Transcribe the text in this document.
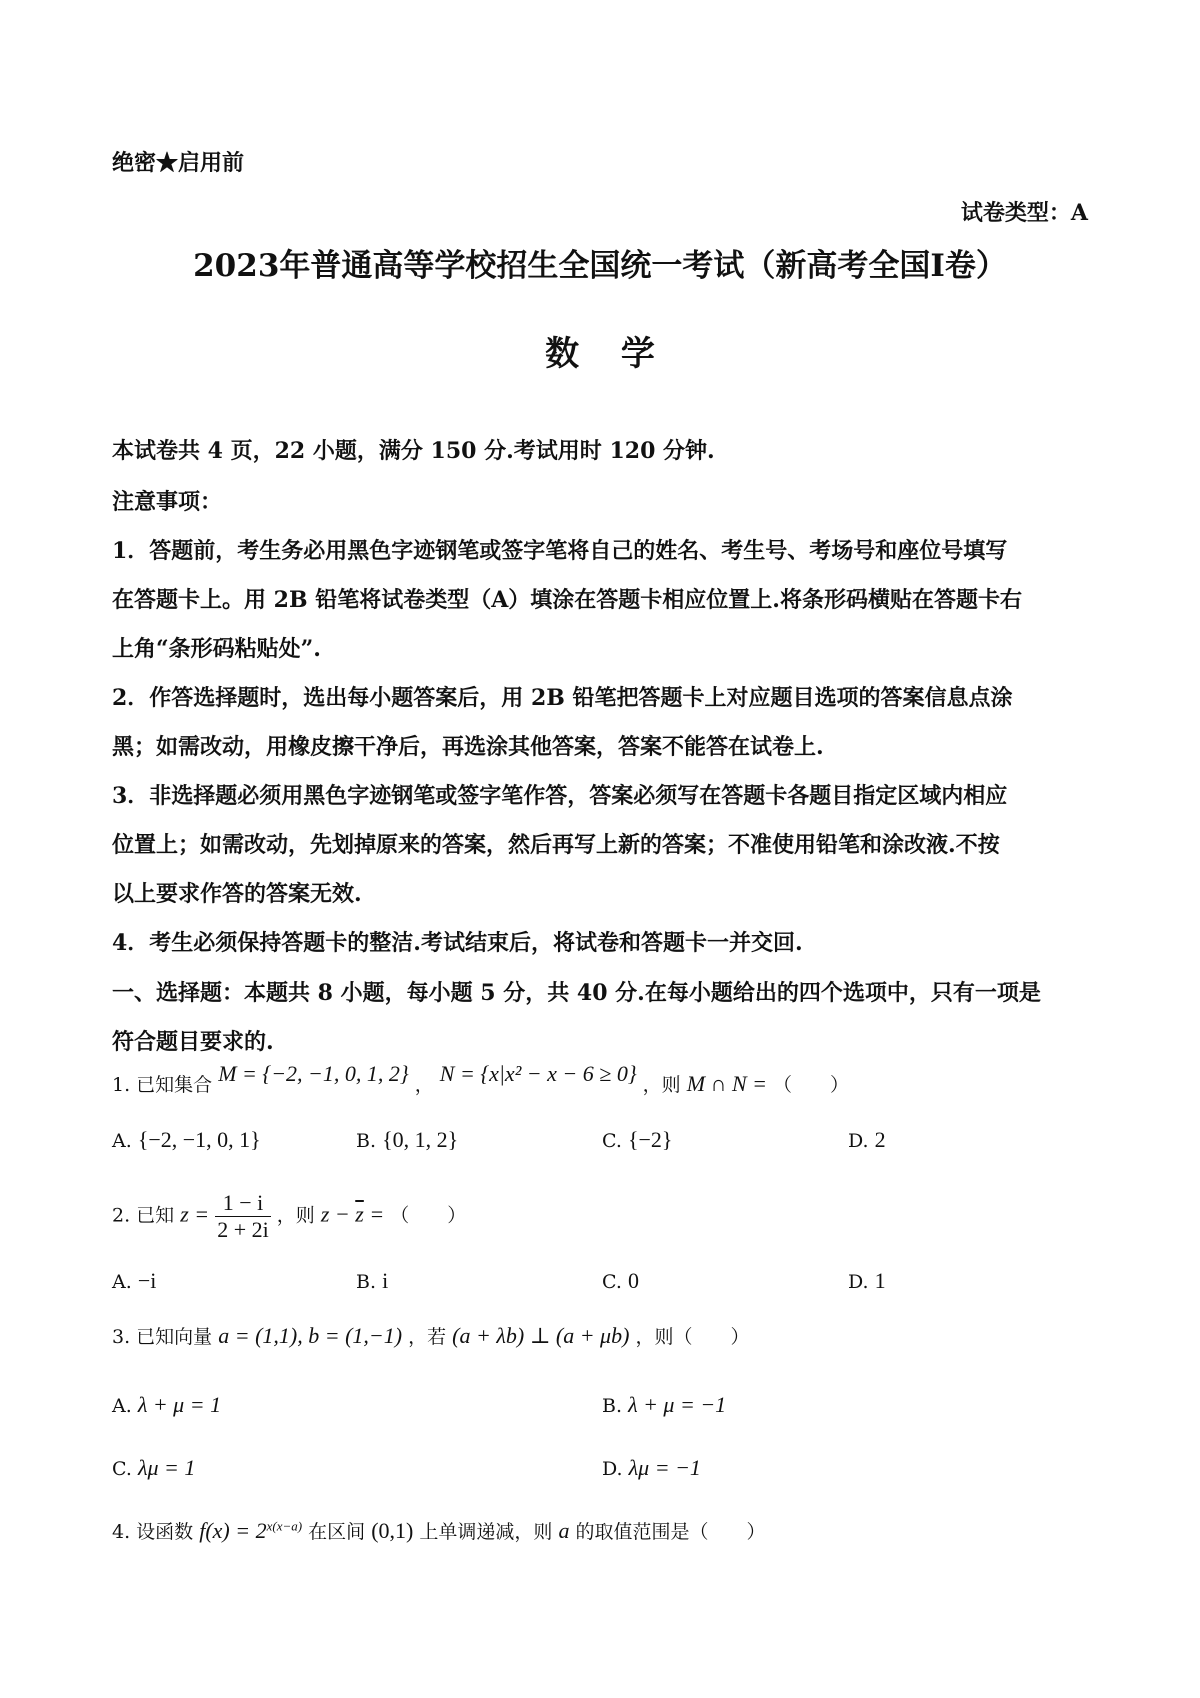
绝密★启用前
试卷类型：A
2023年普通高等学校招生全国统一考试（新高考全国I卷）
数 学
本试卷共 4 页，22 小题，满分 150 分.考试用时 120 分钟.
注意事项：
1．答题前，考生务必用黑色字迹钢笔或签字笔将自己的姓名、考生号、考场号和座位号填写
在答题卡上。用 2B 铅笔将试卷类型（A）填涂在答题卡相应位置上.将条形码横贴在答题卡右
上角“条形码粘贴处”.
2．作答选择题时，选出每小题答案后，用 2B 铅笔把答题卡上对应题目选项的答案信息点涂
黑；如需改动，用橡皮擦干净后，再选涂其他答案，答案不能答在试卷上.
3．非选择题必须用黑色字迹钢笔或签字笔作答，答案必须写在答题卡各题目指定区域内相应
位置上；如需改动，先划掉原来的答案，然后再写上新的答案；不准使用铅笔和涂改液.不按
以上要求作答的答案无效.
4．考生必须保持答题卡的整洁.考试结束后，将试卷和答题卡一并交回.
一、选择题：本题共 8 小题，每小题 5 分，共 40 分.在每小题给出的四个选项中，只有一项是
符合题目要求的.
1. 已知集合 M = {−2, −1, 0, 1, 2} ， N = {x|x² − x − 6 ≥ 0} ，则 M ∩ N = （　　）
A. {−2, −1, 0, 1}	B. {0, 1, 2}	C. {−2}	D. 2
2. 已知 $z = \frac{1 - i}{2 + 2i}$ ，则 $z - \overline{z}$ = （　　）
A. −i	B. i	C. 0	D. 1
3. 已知向量 a = (1,1), b = (1,−1) ，若 (a + λb) ⊥ (a + μb) ，则（　　）
A. λ + μ = 1	B. λ + μ = −1
C. λμ = 1	D. λμ = −1
4. 设函数 $f(x) = 2^{x(x-a)}$ 在区间 (0,1) 上单调递减，则 a 的取值范围是（　　）
